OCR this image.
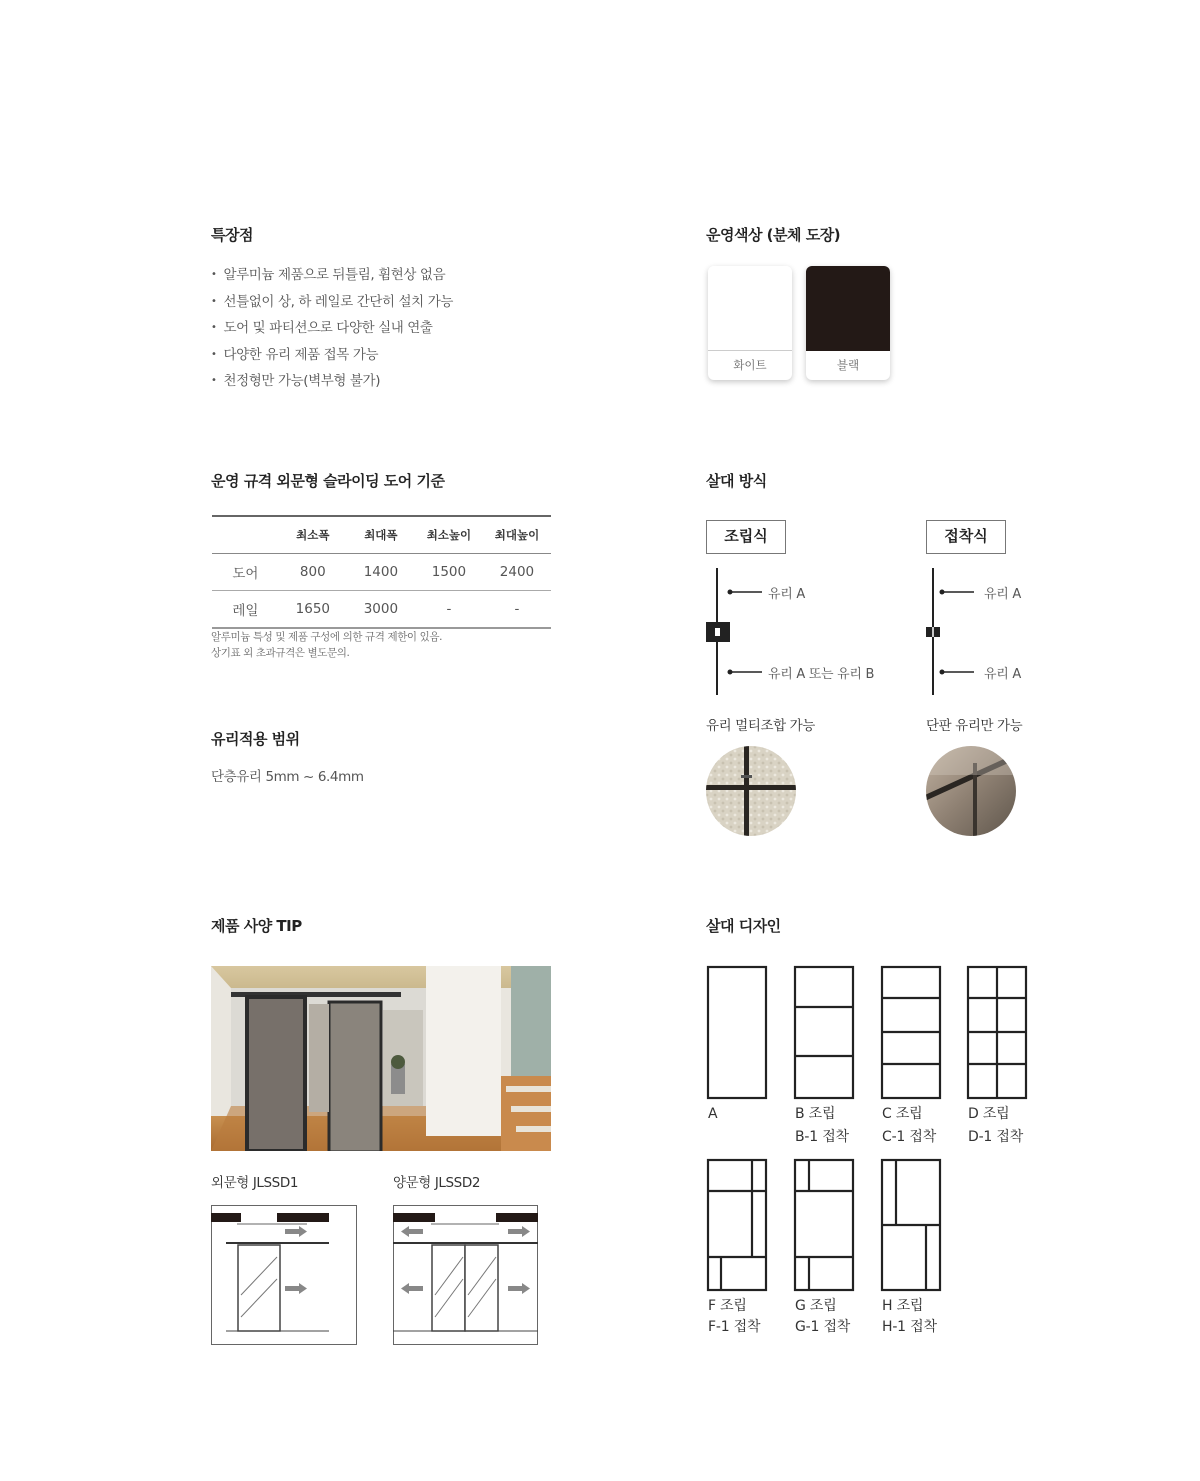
특장점
• 알루미늄 제품으로 뒤틀림, 휨현상 없음
• 선틀없이 상, 하 레일로 간단히 설치 가능
• 도어 및 파티션으로 다양한 실내 연출
• 다양한 유리 제품 접목 가능
• 천정형만 가능(벽부형 불가)
운영색상 (분체 도장)
화이트	블랙
운영 규격 외문형 슬라이딩 도어 기준
	최소폭	최대폭	최소높이	최대높이
도어	800	1400	1500	2400
레일	1650	3000	-	-
알루미늄 특성 및 제품 구성에 의한 규격 제한이 있음.
상기표 외 초과규격은 별도문의.
유리적용 범위
단층유리 5mm ~ 6.4mm
살대 방식
조립식	접착식
유리 A
유리 A 또는 유리 B
유리 A
유리 A
유리 멀티조합 가능	단판 유리만 가능
제품 사양 TIP
외문형 JLSSD1	양문형 JLSSD2
살대 디자인
A	B 조립
B-1 접착
C 조립
C-1 접착
D 조립
D-1 접착
F 조립
F-1 접착
G 조립
G-1 접착
H 조립
H-1 접착
